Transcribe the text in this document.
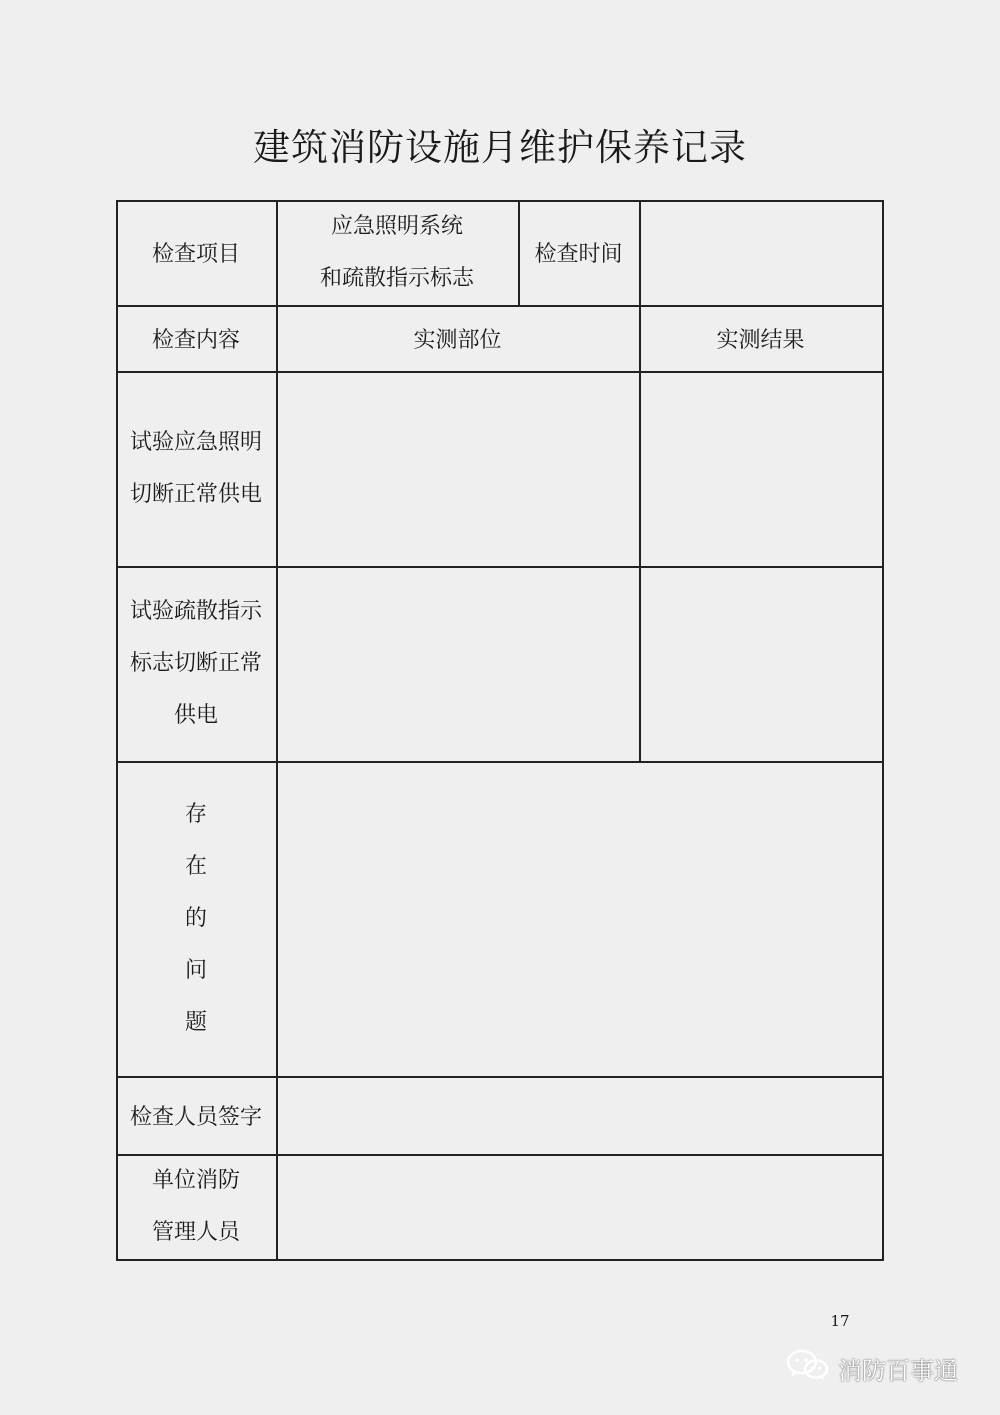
建筑消防设施月维护保养记录
检查项目
应急照明系统
和疏散指示标志
检查时间
检查内容	实测部位	实测结果
试验应急照明
切断正常供电
试验疏散指示
标志切断正常
供电
存
在
的
问
题
检查人员签字
单位消防
管理人员
17
消防百事通
